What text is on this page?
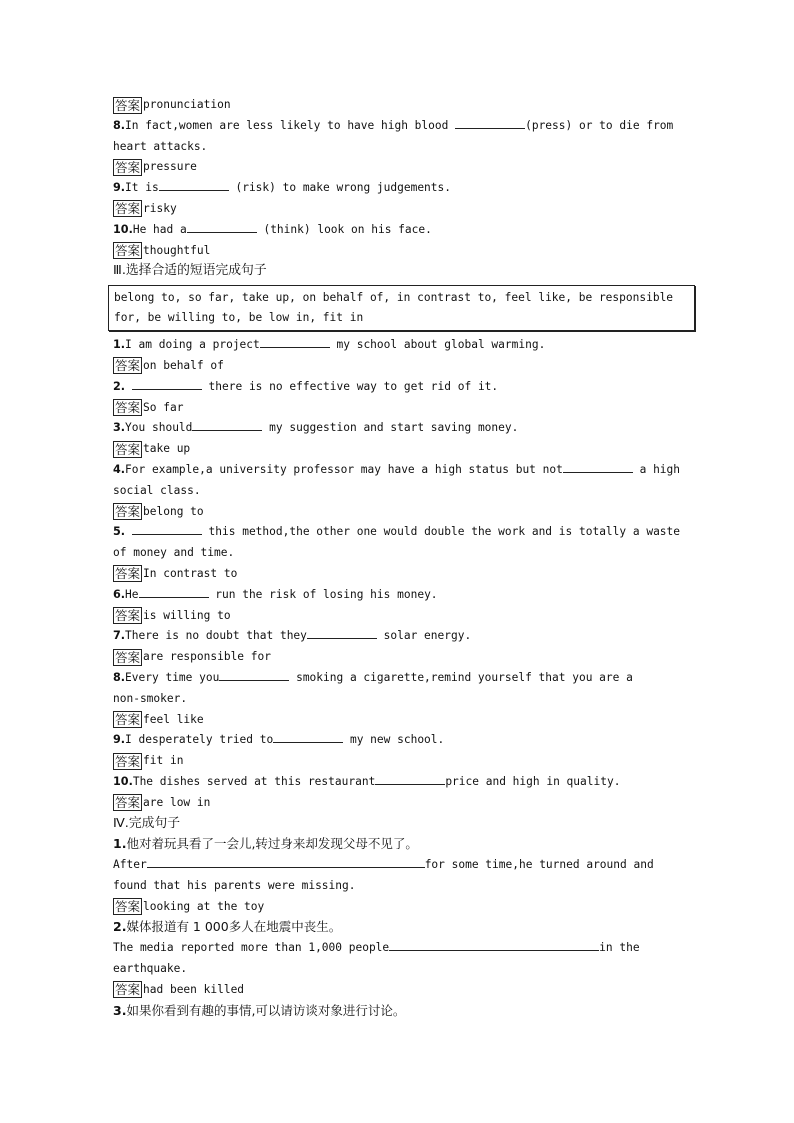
答案 pronunciation
8.In fact,women are less likely to have high blood	(press) or to die from
heart attacks.
答案 pressure
9.It is	(risk) to make wrong judgements.
答案 risky
10.He had a	(think) look on his face.
答案 thoughtful
Ⅲ.选择合适的短语完成句子
belong to, so far, take up, on behalf of, in contrast to, feel like, be responsible
for, be willing to, be low in, fit in
1.I am doing a project	my school about global warming.
答案 on behalf of
2.	there is no effective way to get rid of it.
答案 So far
3.You should	my suggestion and start saving money.
答案 take up
4.For example,a university professor may have a high status but not	a high
social class.
答案 belong to
5.	this method,the other one would double the work and is totally a waste
of money and time.
答案 In contrast to
6.He	run the risk of losing his money.
答案 is willing to
7.There is no doubt that they	solar energy.
答案 are responsible for
8.Every time you	smoking a cigarette,remind yourself that you are a
non-smoker.
答案 feel like
9.I desperately tried to	my new school.
答案 fit in
10.The dishes served at this restaurant	price and high in quality.
答案 are low in
Ⅳ.完成句子
1.他对着玩具看了一会儿,转过身来却发现父母不见了。
After	for some time,he turned around and
found that his parents were missing.
答案 looking at the toy
2.媒体报道有 1 000多人在地震中丧生。
The media reported more than 1,000 people	in the
earthquake.
答案 had been killed
3.如果你看到有趣的事情,可以请访谈对象进行讨论。
